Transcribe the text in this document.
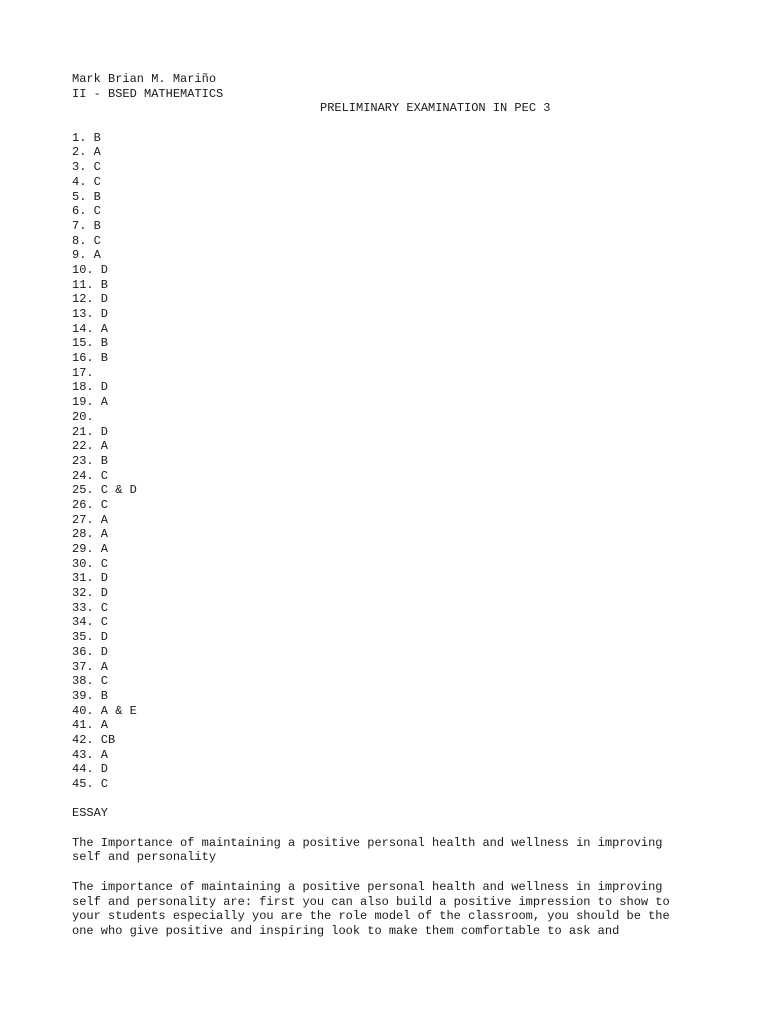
Mark Brian M. Mariño
II - BSED MATHEMATICS
PRELIMINARY EXAMINATION IN PEC 3
1. B
2. A
3. C
4. C
5. B
6. C
7. B
8. C
9. A
10. D
11. B
12. D
13. D
14. A
15. B
16. B
17.
18. D
19. A
20.
21. D
22. A
23. B
24. C
25. C & D
26. C
27. A
28. A
29. A
30. C
31. D
32. D
33. C
34. C
35. D
36. D
37. A
38. C
39. B
40. A & E
41. A
42. CB
43. A
44. D
45. C
ESSAY
The Importance of maintaining a positive personal health and wellness in improving
self and personality
The importance of maintaining a positive personal health and wellness in improving
self and personality are: first you can also build a positive impression to show to
your students especially you are the role model of the classroom, you should be the
one who give positive and inspiring look to make them comfortable to ask and
